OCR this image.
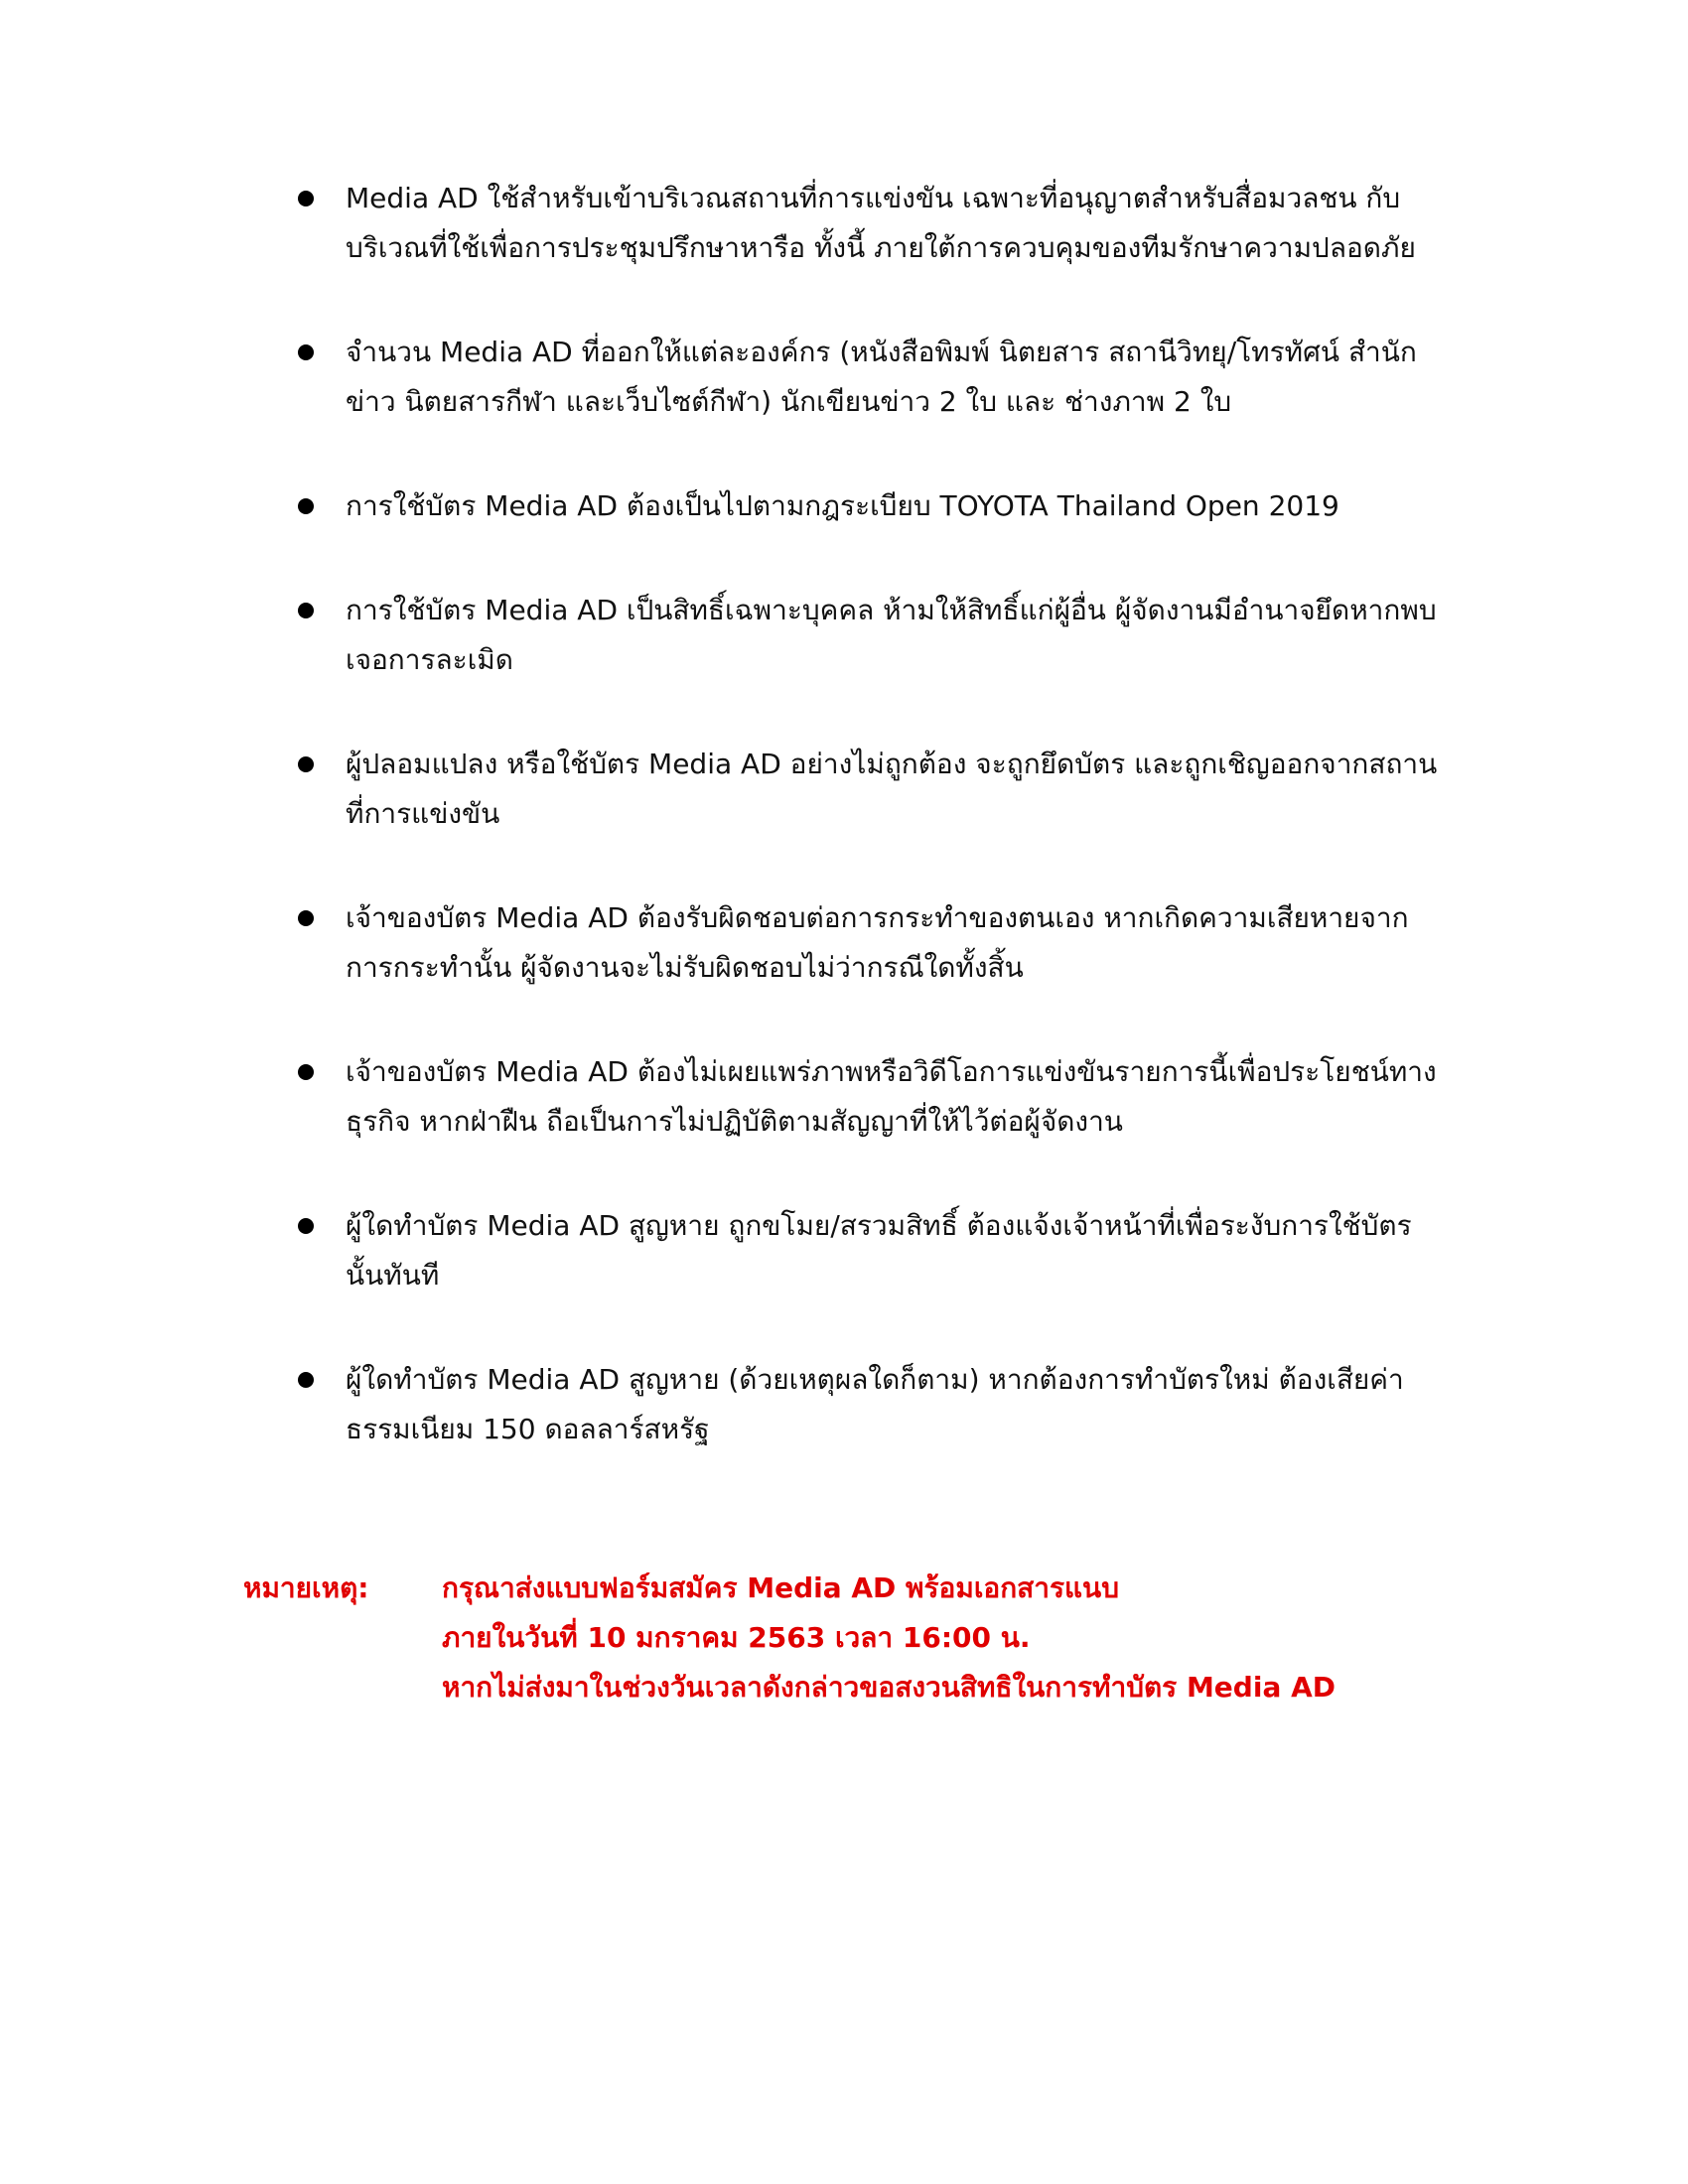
Media AD ใช้สำหรับเข้าบริเวณสถานที่การแข่งขัน เฉพาะที่อนุญาตสำหรับสื่อมวลชน กับบริเวณที่ใช้เพื่อการประชุมปรึกษาหารือ ทั้งนี้ ภายใต้การควบคุมของทีมรักษาความปลอดภัย
จำนวน Media AD ที่ออกให้แต่ละองค์กร (หนังสือพิมพ์ นิตยสาร สถานีวิทยุ/โทรทัศน์ สำนักข่าว นิตยสารกีฬา และเว็บไซต์กีฬา) นักเขียนข่าว 2 ใบ และ ช่างภาพ 2 ใบ
การใช้บัตร Media AD ต้องเป็นไปตามกฎระเบียบ TOYOTA Thailand Open 2019
การใช้บัตร Media AD เป็นสิทธิ์เฉพาะบุคคล ห้ามให้สิทธิ์แก่ผู้อื่น ผู้จัดงานมีอำนาจยึดหากพบเจอการละเมิด
ผู้ปลอมแปลง หรือใช้บัตร Media AD อย่างไม่ถูกต้อง จะถูกยึดบัตร และถูกเชิญออกจากสถานที่การแข่งขัน
เจ้าของบัตร Media AD ต้องรับผิดชอบต่อการกระทำของตนเอง หากเกิดความเสียหายจากการกระทำนั้น ผู้จัดงานจะไม่รับผิดชอบไม่ว่ากรณีใดทั้งสิ้น
เจ้าของบัตร Media AD ต้องไม่เผยแพร่ภาพหรือวิดีโอการแข่งขันรายการนี้เพื่อประโยชน์ทางธุรกิจ หากฝ่าฝืน ถือเป็นการไม่ปฏิบัติตามสัญญาที่ให้ไว้ต่อผู้จัดงาน
ผู้ใดทำบัตร Media AD สูญหาย ถูกขโมย/สรวมสิทธิ์ ต้องแจ้งเจ้าหน้าที่เพื่อระงับการใช้บัตรนั้นทันที
ผู้ใดทำบัตร Media AD สูญหาย (ด้วยเหตุผลใดก็ตาม) หากต้องการทำบัตรใหม่ ต้องเสียค่าธรรมเนียม 150 ดอลลาร์สหรัฐ
หมายเหตุ:	กรุณาส่งแบบฟอร์มสมัคร Media AD พร้อมเอกสารแนบ
ภายในวันที่ 10 มกราคม 2563 เวลา 16:00 น.
หากไม่ส่งมาในช่วงวันเวลาดังกล่าวขอสงวนสิทธิในการทำบัตร Media AD
